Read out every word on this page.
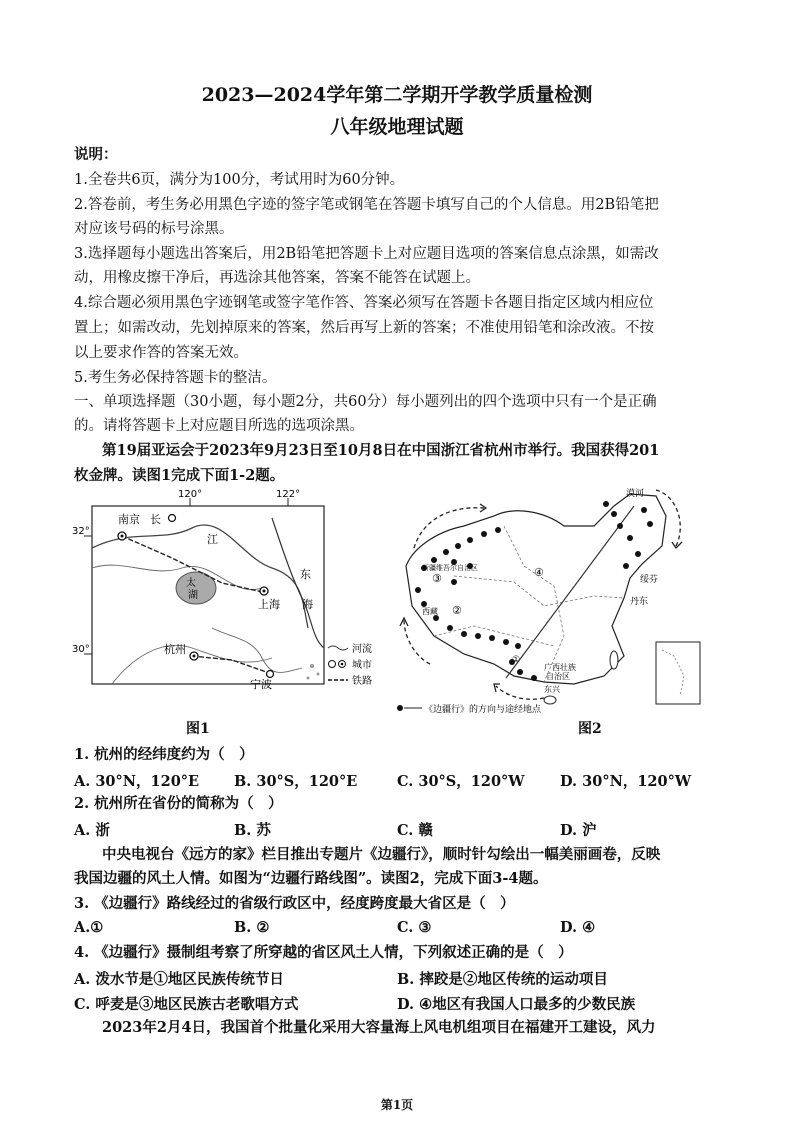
2023—2024学年第二学期开学教学质量检测
八年级地理试题
说明：
1.全卷共6页，满分为100分，考试用时为60分钟。
2.答卷前，考生务必用黑色字迹的签字笔或钢笔在答题卡填写自己的个人信息。用2B铅笔把
对应该号码的标号涂黑。
3.选择题每小题选出答案后，用2B铅笔把答题卡上对应题目选项的答案信息点涂黑，如需改
动，用橡皮擦干净后，再选涂其他答案，答案不能答在试题上。
4.综合题必须用黑色字迹钢笔或签字笔作答、答案必须写在答题卡各题目指定区域内相应位
置上；如需改动，先划掉原来的答案，然后再写上新的答案；不准使用铅笔和涂改液。不按
以上要求作答的答案无效。
5.考生务必保持答题卡的整洁。
一、单项选择题（30小题，每小题2分，共60分）每小题列出的四个选项中只有一个是正确
的。请将答题卡上对应题目所选的选项涂黑。
第19届亚运会于2023年9月23日至10月8日在中国浙江省杭州市举行。我国获得201
枚金牌。读图1完成下面1-2题。
120°	122°
32°
30°
南京 长
江
太
湖
上海
东
海
杭州
宁波
河流
城市
铁路
图1
③
②
④
漠河
新疆维吾尔自治区
绥芬
丹东
西藏
广西壮族
自治区
东兴
①
《边疆行》的方向与途经地点
图2
1. 杭州的经纬度约为（　）
A. 30°N，120°E B. 30°S，120°E	C. 30°S，120°W D. 30°N，120°W
2. 杭州所在省份的简称为（　）
A. 浙	B. 苏	C. 赣	D. 沪
中央电视台《远方的家》栏目推出专题片《边疆行》，顺时针勾绘出一幅美丽画卷，反映
我国边疆的风土人情。如图为“边疆行路线图”。读图2，完成下面3-4题。
3. 《边疆行》路线经过的省级行政区中，经度跨度最大省区是（　）
A.①	B. ②	C. ③	D. ④
4. 《边疆行》摄制组考察了所穿越的省区风土人情，下列叙述正确的是（　）
A. 泼水节是①地区民族传统节日	B. 摔跤是②地区传统的运动项目
C. 呼麦是③地区民族古老歌唱方式	D. ④地区有我国人口最多的少数民族
2023年2月4日，我国首个批量化采用大容量海上风电机组项目在福建开工建设，风力
第1页
